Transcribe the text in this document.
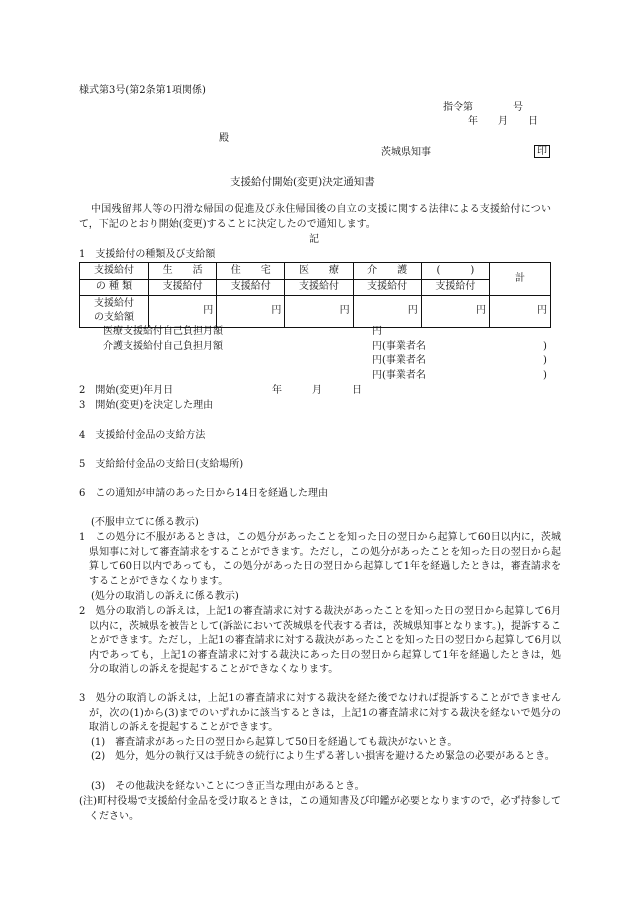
様式第3号(第2条第1項関係)
指令第　　　　号
年　　月　　日
殿
茨城県知事	印
支援給付開始(変更)決定通知書
中国残留邦人等の円滑な帰国の促進及び永住帰国後の自立の支援に関する法律による支援給付について，下記のとおり開始(変更)することに決定したので通知します。
記
1　支援給付の種類及び支給額
支援給付	生　　活	住　　宅	医　　療	介　　護	(　　　)	計
の 種 類	支援給付	支援給付	支援給付	支援給付	支援給付	
支援給付
の支給額	円	円	円	円	円	円
医療支援給付自己負担月額	円
介護支援給付自己負担月額	円(事業者名	)
円(事業者名	)
円(事業者名	)
2　開始(変更)年月日	年　　　月　　　日
3　開始(変更)を決定した理由
4　支援給付金品の支給方法
5　支給給付金品の支給日(支給場所)
6　この通知が申請のあった日から14日を経過した理由
(不服申立てに係る教示)
1　この処分に不服があるときは，この処分があったことを知った日の翌日から起算して60日以内に，茨城県知事に対して審査請求をすることができます。ただし，この処分があったことを知った日の翌日から起算して60日以内であっても，この処分があった日の翌日から起算して1年を経過したときは，審査請求をすることができなくなります。
(処分の取消しの訴えに係る教示)
2　処分の取消しの訴えは，上記1の審査請求に対する裁決があったことを知った日の翌日から起算して6月以内に，茨城県を被告として(訴訟において茨城県を代表する者は，茨城県知事となります。)，提訴することができます。ただし，上記1の審査請求に対する裁決があったことを知った日の翌日から起算して6月以内であっても，上記1の審査請求に対する裁決にあった日の翌日から起算して1年を経過したときは，処分の取消しの訴えを提起することができなくなります。
3　処分の取消しの訴えは，上記1の審査請求に対する裁決を経た後でなければ提訴することができませんが，次の(1)から(3)までのいずれかに該当するときは，上記1の審査請求に対する裁決を経ないで処分の取消しの訴えを提起することができます。
(1)　審査請求があった日の翌日から起算して50日を経過しても裁決がないとき。
(2)　処分，処分の執行又は手続きの続行により生ずる著しい損害を避けるため緊急の必要があるとき。
(3)　その他裁決を経ないことにつき正当な理由があるとき。
(注)町村役場で支援給付金品を受け取るときは，この通知書及び印鑑が必要となりますので，必ず持参してください。
